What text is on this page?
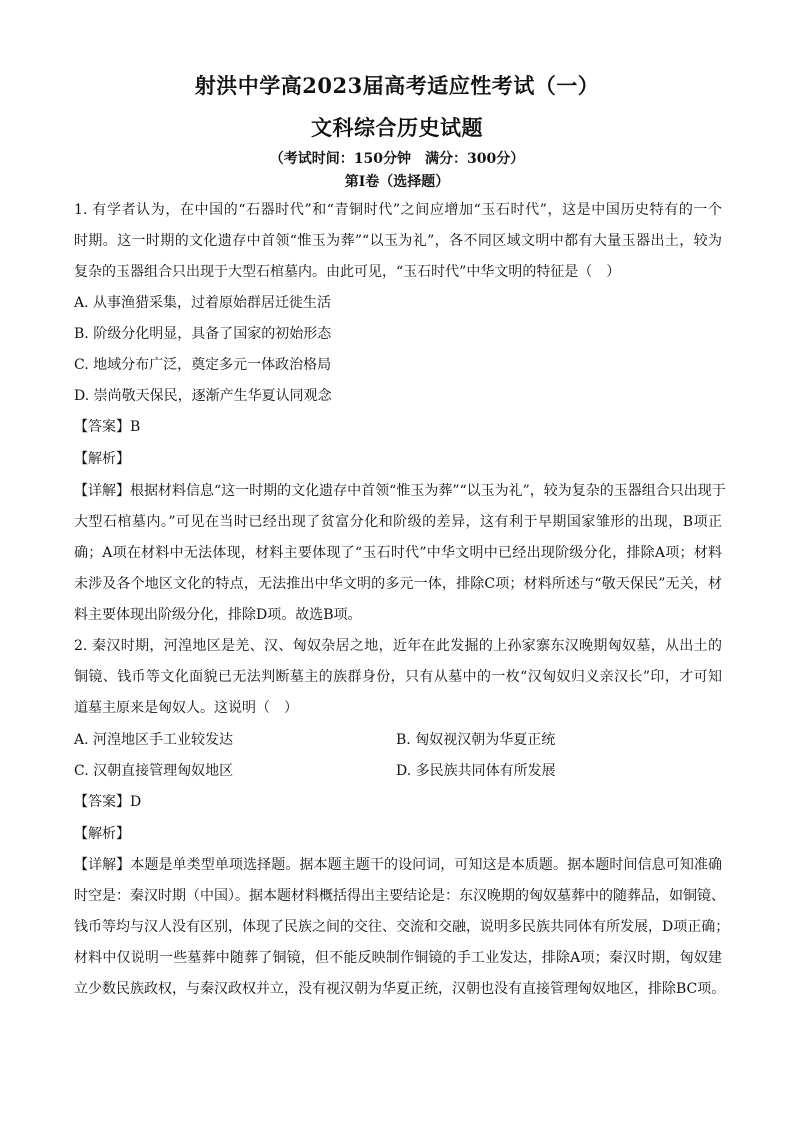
射洪中学高2023届高考适应性考试（一）
文科综合历史试题
（考试时间：150分钟　满分：300分）
第Ⅰ卷（选择题）
1. 有学者认为，在中国的“石器时代”和“青铜时代”之间应增加“玉石时代”，这是中国历史特有的一个
时期。这一时期的文化遗存中首领“惟玉为葬”“以玉为礼”，各不同区域文明中都有大量玉器出土，较为
复杂的玉器组合只出现于大型石棺墓内。由此可见，“玉石时代”中华文明的特征是（　）
A. 从事渔猎采集，过着原始群居迁徙生活
B. 阶级分化明显，具备了国家的初始形态
C. 地域分布广泛，奠定多元一体政治格局
D. 崇尚敬天保民，逐渐产生华夏认同观念
【答案】B
【解析】
【详解】根据材料信息“这一时期的文化遗存中首领“惟玉为葬”“以玉为礼”，较为复杂的玉器组合只出现于
大型石棺墓内。”可见在当时已经出现了贫富分化和阶级的差异，这有利于早期国家雏形的出现，B项正
确；A项在材料中无法体现，材料主要体现了“玉石时代”中华文明中已经出现阶级分化，排除A项；材料
未涉及各个地区文化的特点，无法推出中华文明的多元一体，排除C项；材料所述与“敬天保民”无关，材
料主要体现出阶级分化，排除D项。故选B项。
2. 秦汉时期，河湟地区是羌、汉、匈奴杂居之地，近年在此发掘的上孙家寨东汉晚期匈奴墓，从出土的
铜镜、钱币等文化面貌已无法判断墓主的族群身份，只有从墓中的一枚“汉匈奴归义亲汉长”印，才可知
道墓主原来是匈奴人。这说明（　）
A. 河湟地区手工业较发达	B. 匈奴视汉朝为华夏正统
C. 汉朝直接管理匈奴地区	D. 多民族共同体有所发展
【答案】D
【解析】
【详解】本题是单类型单项选择题。据本题主题干的设问词，可知这是本质题。据本题时间信息可知准确
时空是：秦汉时期（中国）。据本题材料概括得出主要结论是：东汉晚期的匈奴墓葬中的随葬品，如铜镜、
钱币等均与汉人没有区别，体现了民族之间的交往、交流和交融，说明多民族共同体有所发展，D项正确；
材料中仅说明一些墓葬中随葬了铜镜，但不能反映制作铜镜的手工业发达，排除A项；秦汉时期，匈奴建
立少数民族政权，与秦汉政权并立，没有视汉朝为华夏正统，汉朝也没有直接管理匈奴地区，排除BC项。
